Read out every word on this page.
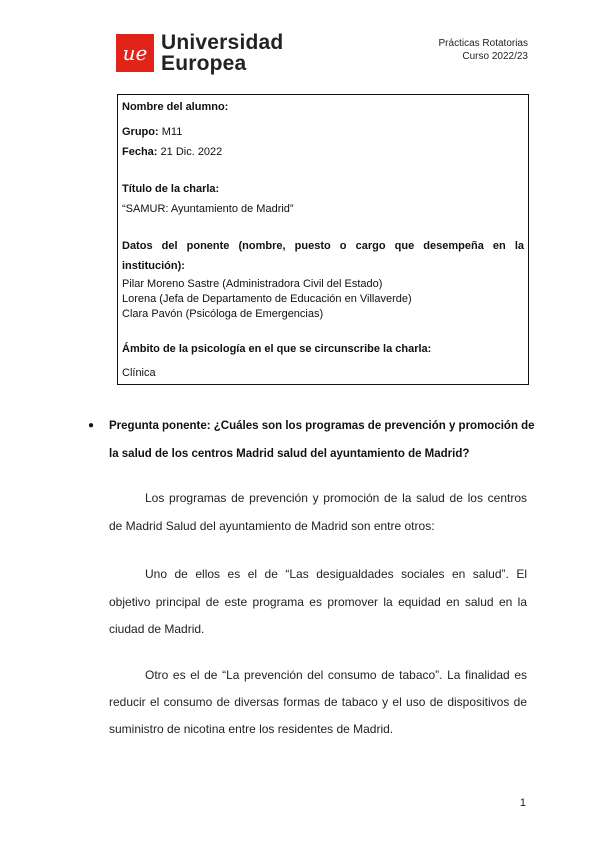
ue Universidad
Europea
Prácticas Rotatorias
Curso 2022/23
Nombre del alumno:
Grupo: M11
Fecha: 21 Dic. 2022
Título de la charla:
“SAMUR: Ayuntamiento de Madrid”
Datos del ponente (nombre, puesto o cargo que desempeña en la
institución):
Pilar Moreno Sastre (Administradora Civil del Estado)
Lorena (Jefa de Departamento de Educación en Villaverde)
Clara Pavón (Psicóloga de Emergencias)
Ámbito de la psicología en el que se circunscribe la charla:
Clínica
● Pregunta ponente: ¿Cuáles son los programas de prevención y promoción de
la salud de los centros Madrid salud del ayuntamiento de Madrid?
Los programas de prevención y promoción de la salud de los centros
de Madrid Salud del ayuntamiento de Madrid son entre otros:
Uno de ellos es el de “Las desigualdades sociales en salud”. El
objetivo principal de este programa es promover la equidad en salud en la
ciudad de Madrid.
Otro es el de “La prevención del consumo de tabaco”. La finalidad es
reducir el consumo de diversas formas de tabaco y el uso de dispositivos de
suministro de nicotina entre los residentes de Madrid.
1
